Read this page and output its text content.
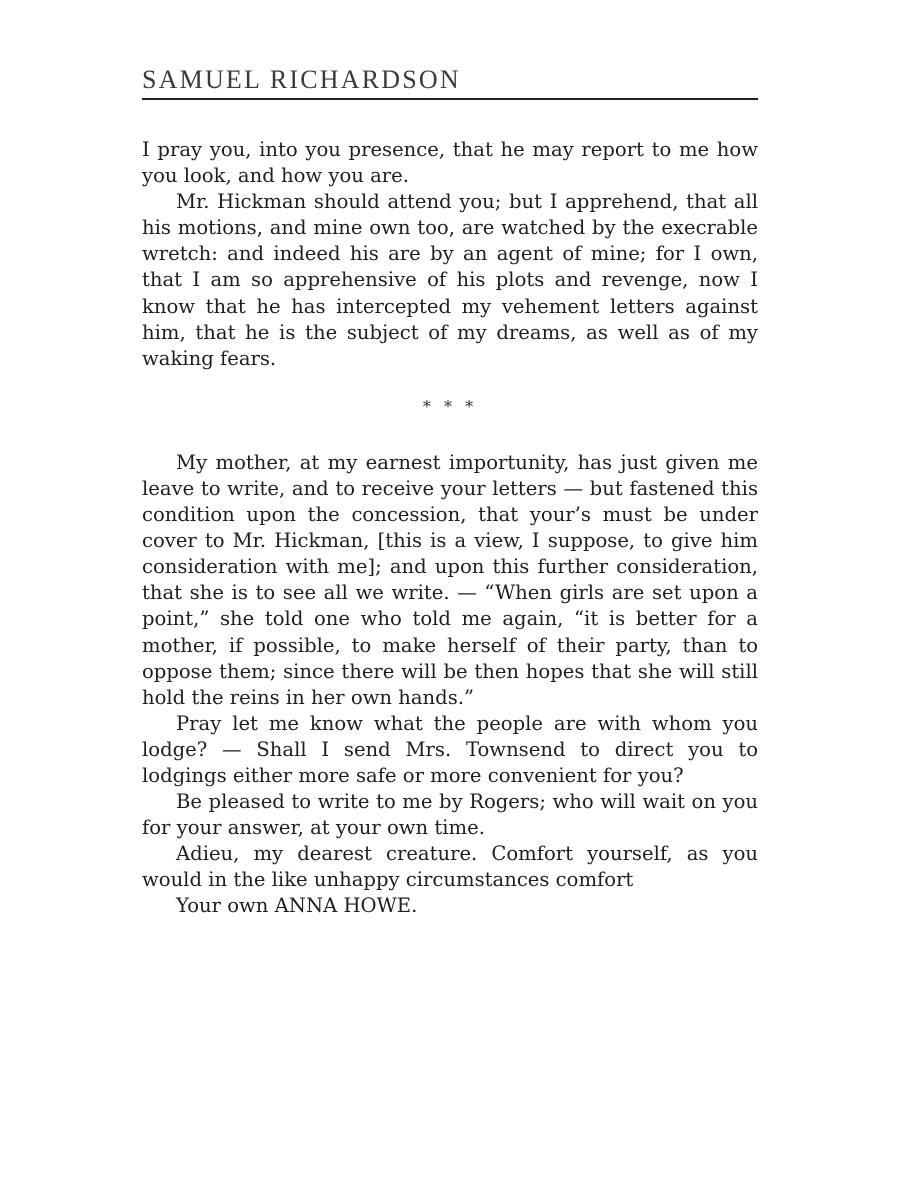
SAMUEL RICHARDSON

I pray you, into you presence, that he may report to me how you look, and how you are.

Mr. Hickman should attend you; but I apprehend, that all his motions, and mine own too, are watched by the execrable wretch: and indeed his are by an agent of mine; for I own, that I am so apprehensive of his plots and revenge, now I know that he has intercepted my vehement letters against him, that he is the subject of my dreams, as well as of my waking fears.

* * *

My mother, at my earnest importunity, has just given me leave to write, and to receive your letters — but fastened this condition upon the concession, that your’s must be under cover to Mr. Hickman, [this is a view, I suppose, to give him consideration with me]; and upon this further consideration, that she is to see all we write. — “When girls are set upon a point,” she told one who told me again, “it is better for a mother, if possible, to make herself of their party, than to oppose them; since there will be then hopes that she will still hold the reins in her own hands.”

Pray let me know what the people are with whom you lodge? — Shall I send Mrs. Townsend to direct you to lodgings either more safe or more convenient for you?

Be pleased to write to me by Rogers; who will wait on you for your answer, at your own time.

Adieu, my dearest creature. Comfort yourself, as you would in the like unhappy circumstances comfort

Your own ANNA HOWE.
